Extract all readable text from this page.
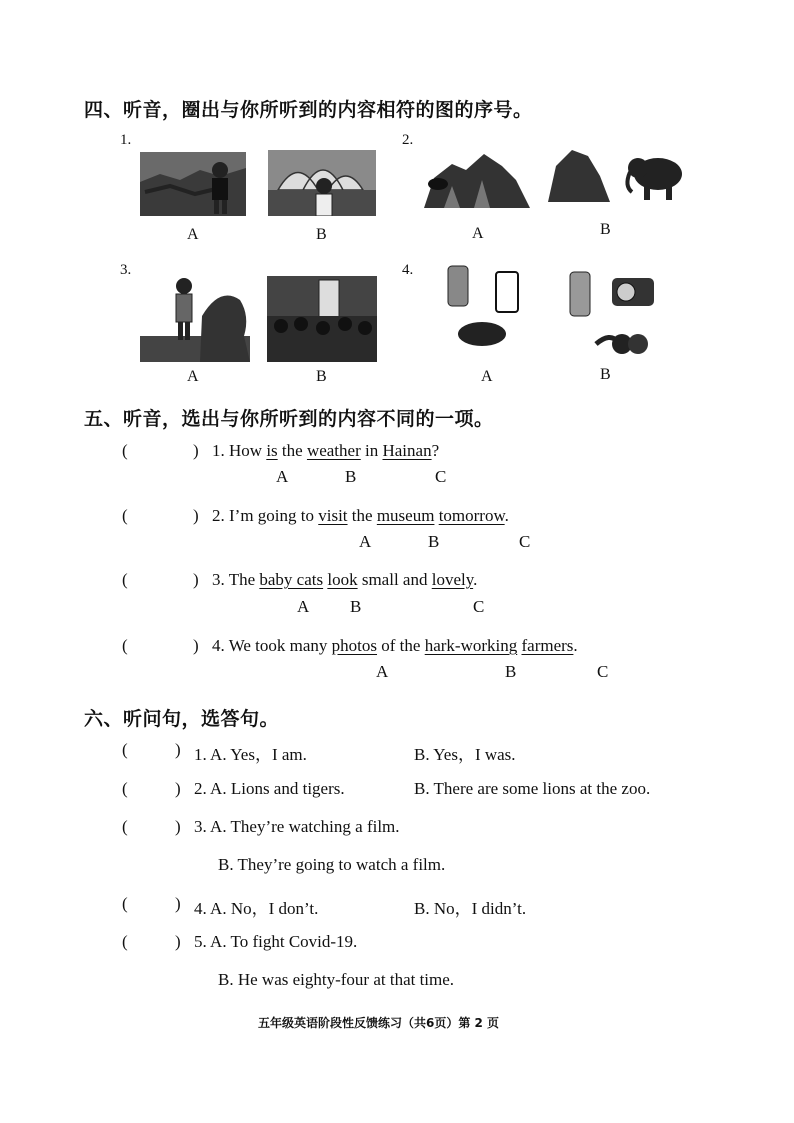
四、听音，圈出与你所听到的内容相符的图的序号。
1.
A	B
2.
A	B
3.
A	B
4.
A	B
五、听音，选出与你所听到的内容不同的一项。
(	) 1. How is the weather in Hainan?
A	B	C
(	) 2. I’m going to visit the museum tomorrow.
A	B	C
(	) 3. The baby cats look small and lovely.
A B	C
(	) 4. We took many photos of the hark-working farmers.
A	B	C
六、听问句，选答句。
(	) 1. A. Yes，I am.	B. Yes，I was.
(	) 2. A. Lions and tigers.	B. There are some lions at the zoo.
(	) 3. A. They’re watching a film.
B. They’re going to watch a film.
(	) 4. A. No，I don’t.	B. No，I didn’t.
(	) 5. A. To fight Covid-19.
B. He was eighty-four at that time.
五年级英语阶段性反馈练习（共6页）第 2 页
